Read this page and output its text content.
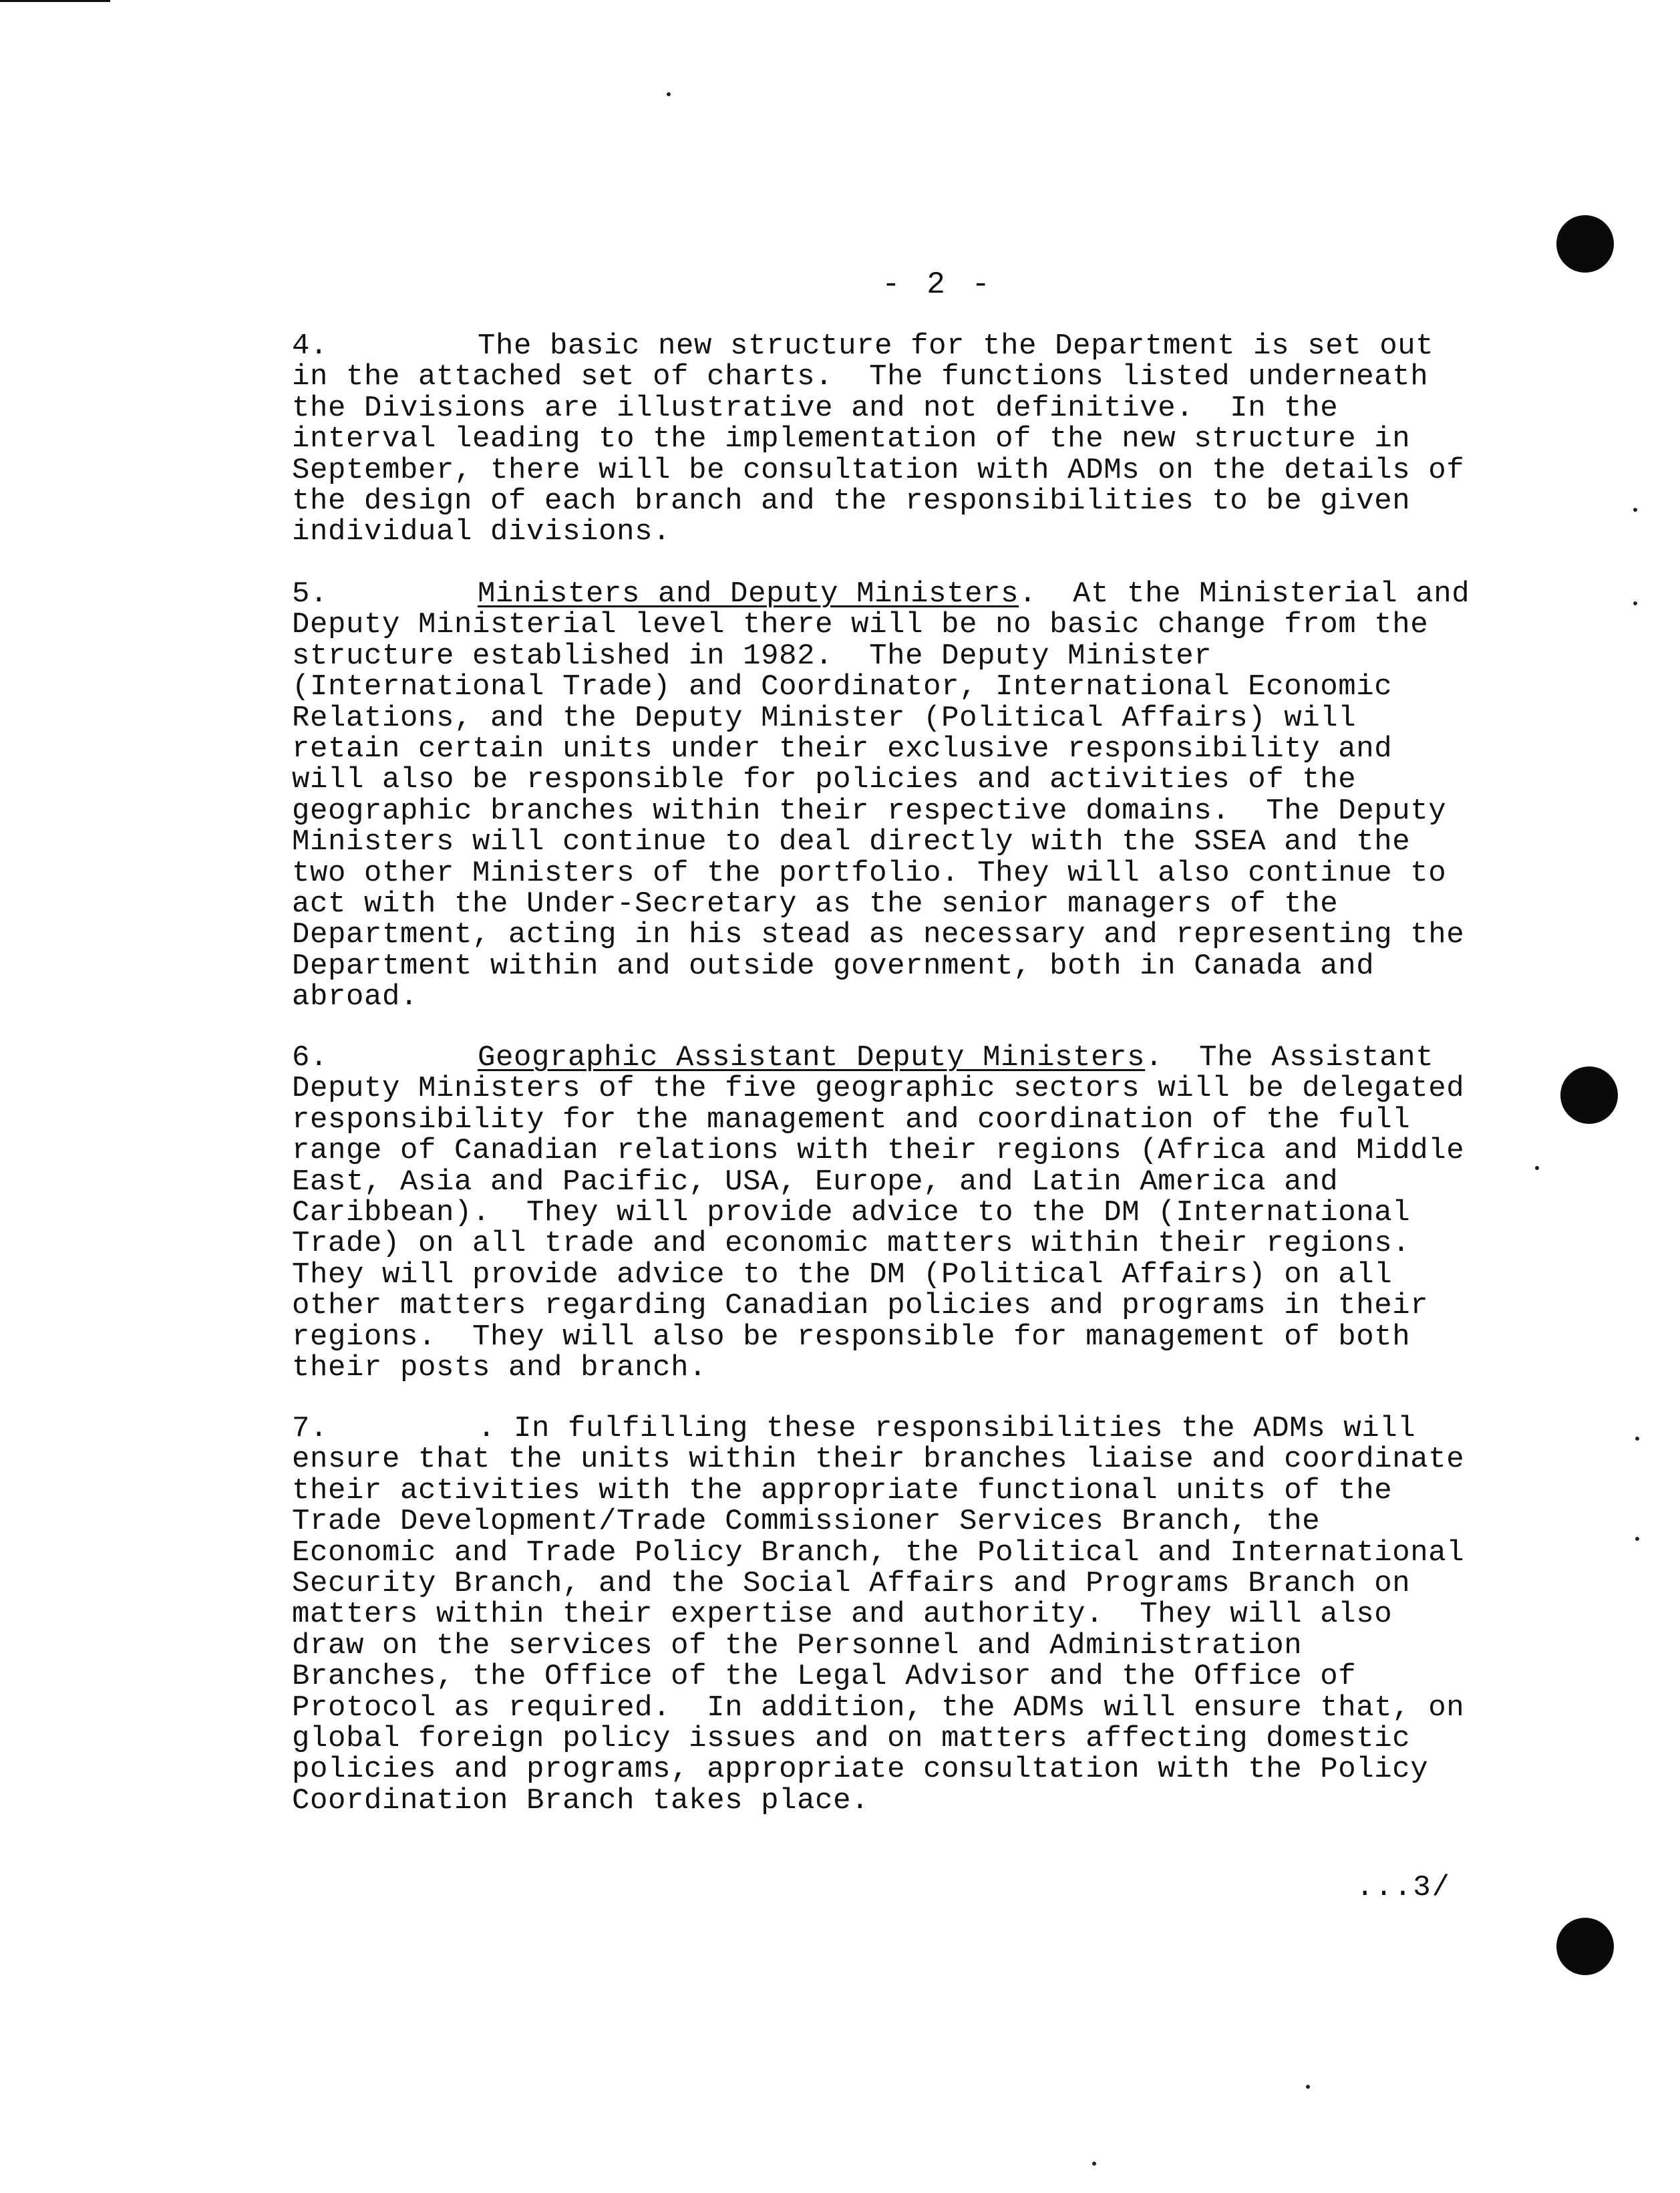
- 2 -
4.	The basic new structure for the Department is set out
in the attached set of charts.  The functions listed underneath
the Divisions are illustrative and not definitive.  In the
interval leading to the implementation of the new structure in
September, there will be consultation with ADMs on the details of
the design of each branch and the responsibilities to be given
individual divisions.
5.	Ministers and Deputy Ministers.  At the Ministerial and
Deputy Ministerial level there will be no basic change from the
structure established in 1982.  The Deputy Minister
(International Trade) and Coordinator, International Economic
Relations, and the Deputy Minister (Political Affairs) will
retain certain units under their exclusive responsibility and
will also be responsible for policies and activities of the
geographic branches within their respective domains.  The Deputy
Ministers will continue to deal directly with the SSEA and the
two other Ministers of the portfolio. They will also continue to
act with the Under-Secretary as the senior managers of the
Department, acting in his stead as necessary and representing the
Department within and outside government, both in Canada and
abroad.
6.	Geographic Assistant Deputy Ministers.  The Assistant
Deputy Ministers of the five geographic sectors will be delegated
responsibility for the management and coordination of the full
range of Canadian relations with their regions (Africa and Middle
East, Asia and Pacific, USA, Europe, and Latin America and
Caribbean).  They will provide advice to the DM (International
Trade) on all trade and economic matters within their regions.
They will provide advice to the DM (Political Affairs) on all
other matters regarding Canadian policies and programs in their
regions.  They will also be responsible for management of both
their posts and branch.
7.	. In fulfilling these responsibilities the ADMs will
ensure that the units within their branches liaise and coordinate
their activities with the appropriate functional units of the
Trade Development/Trade Commissioner Services Branch, the
Economic and Trade Policy Branch, the Political and International
Security Branch, and the Social Affairs and Programs Branch on
matters within their expertise and authority.  They will also
draw on the services of the Personnel and Administration
Branches, the Office of the Legal Advisor and the Office of
Protocol as required.  In addition, the ADMs will ensure that, on
global foreign policy issues and on matters affecting domestic
policies and programs, appropriate consultation with the Policy
Coordination Branch takes place.
...3/
